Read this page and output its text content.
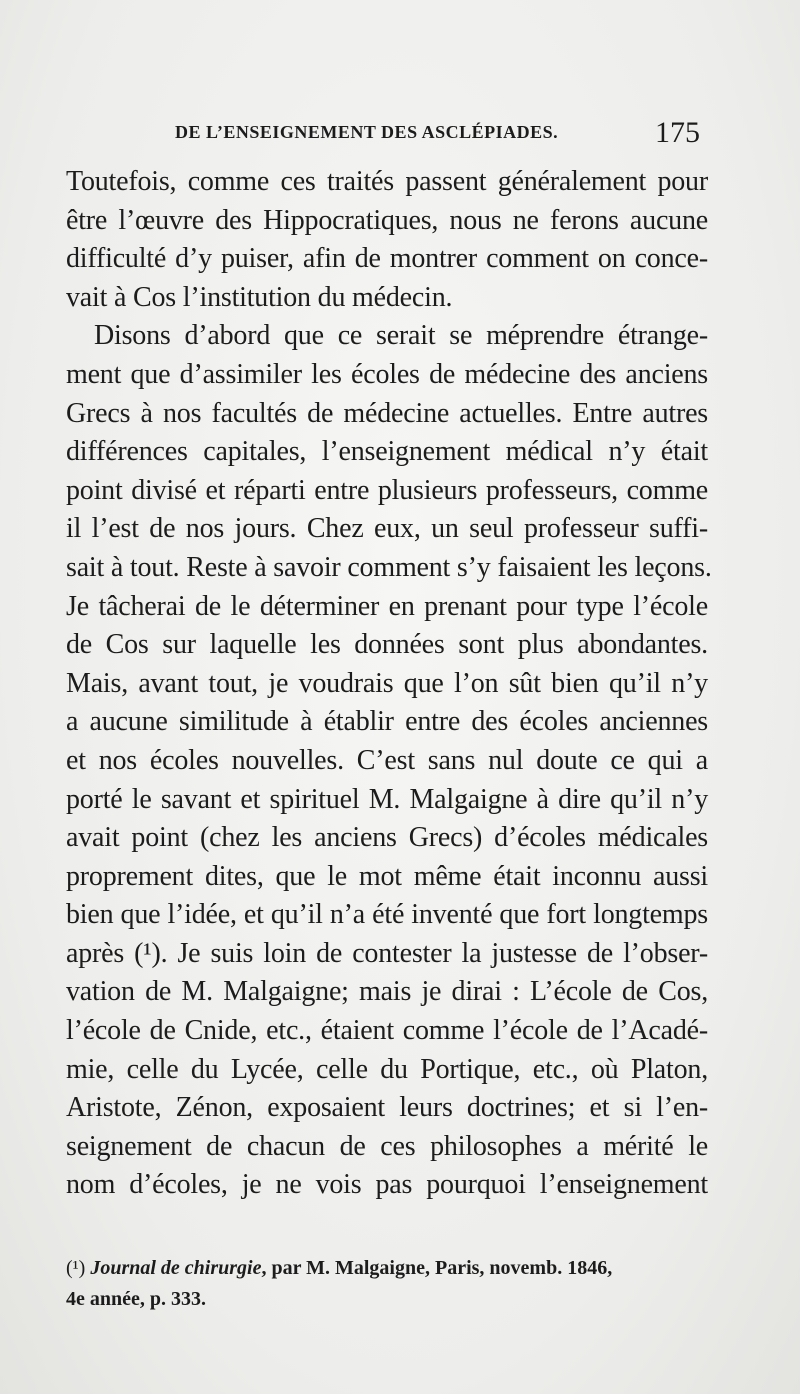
DE L’ENSEIGNEMENT DES ASCLÉPIADES.	175
Toutefois, comme ces traités passent généralement pour
être l’œuvre des Hippocratiques, nous ne ferons aucune
difficulté d’y puiser, afin de montrer comment on conce-
vait à Cos l’institution du médecin.
Disons d’abord que ce serait se méprendre étrange-
ment que d’assimiler les écoles de médecine des anciens
Grecs à nos facultés de médecine actuelles. Entre autres
différences capitales, l’enseignement médical n’y était
point divisé et réparti entre plusieurs professeurs, comme
il l’est de nos jours. Chez eux, un seul professeur suffi-
sait à tout. Reste à savoir comment s’y faisaient les leçons.
Je tâcherai de le déterminer en prenant pour type l’école
de Cos sur laquelle les données sont plus abondantes.
Mais, avant tout, je voudrais que l’on sût bien qu’il n’y
a aucune similitude à établir entre des écoles anciennes
et nos écoles nouvelles. C’est sans nul doute ce qui a
porté le savant et spirituel M. Malgaigne à dire qu’il n’y
avait point (chez les anciens Grecs) d’écoles médicales
proprement dites, que le mot même était inconnu aussi
bien que l’idée, et qu’il n’a été inventé que fort longtemps
après (¹). Je suis loin de contester la justesse de l’obser-
vation de M. Malgaigne; mais je dirai : L’école de Cos,
l’école de Cnide, etc., étaient comme l’école de l’Acadé-
mie, celle du Lycée, celle du Portique, etc., où Platon,
Aristote, Zénon, exposaient leurs doctrines; et si l’en-
seignement de chacun de ces philosophes a mérité le
nom d’écoles, je ne vois pas pourquoi l’enseignement
(¹) Journal de chirurgie, par M. Malgaigne, Paris, novemb. 1846,
4e année, p. 333.
